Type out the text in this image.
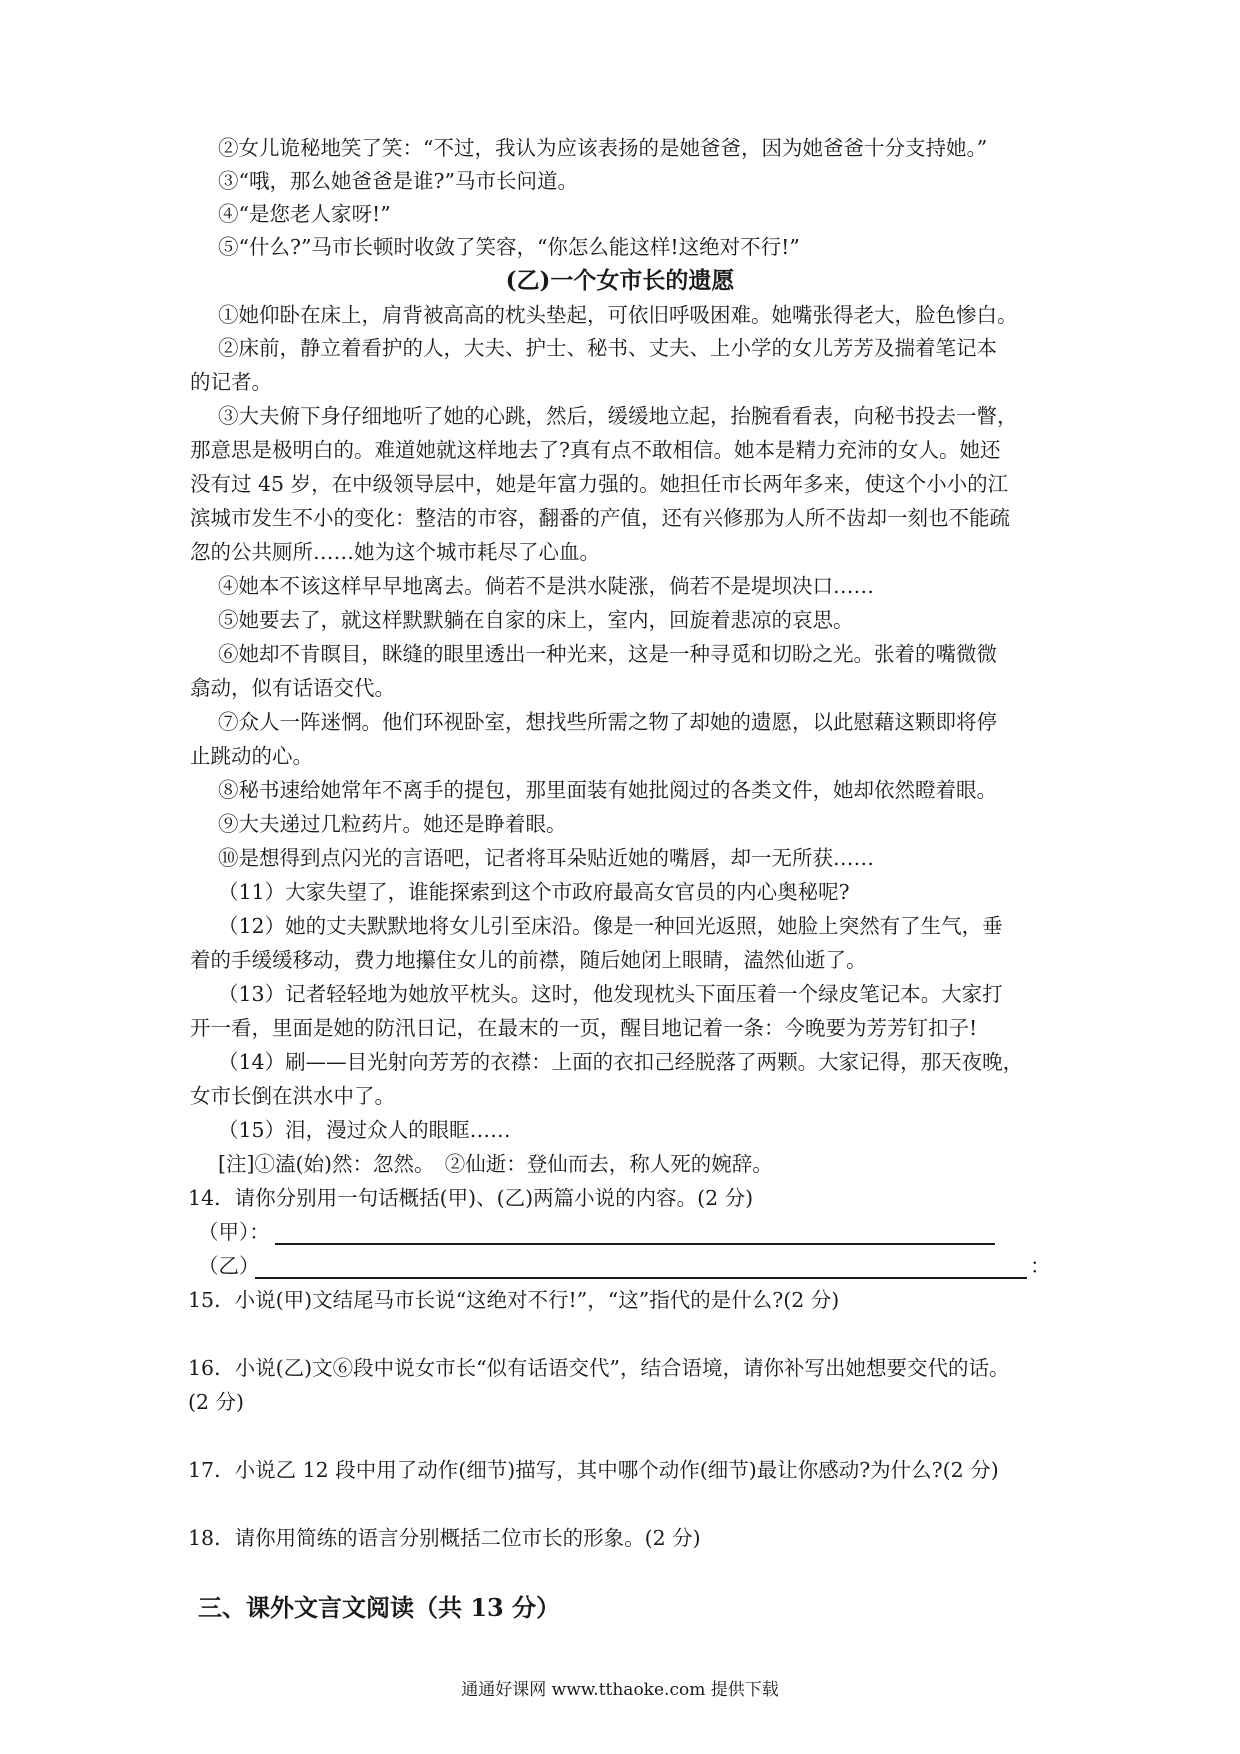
②女儿诡秘地笑了笑：“不过，我认为应该表扬的是她爸爸，因为她爸爸十分支持她。”
③“哦，那么她爸爸是谁?”马市长问道。
④“是您老人家呀!”
⑤“什么?”马市长顿时收敛了笑容，“你怎么能这样!这绝对不行!”
(乙)一个女市长的遗愿
①她仰卧在床上，肩背被高高的枕头垫起，可依旧呼吸困难。她嘴张得老大，脸色惨白。
②床前，静立着看护的人，大夫、护士、秘书、丈夫、上小学的女儿芳芳及揣着笔记本
的记者。
③大夫俯下身仔细地听了她的心跳，然后，缓缓地立起，抬腕看看表，向秘书投去一瞥，
那意思是极明白的。难道她就这样地去了?真有点不敢相信。她本是精力充沛的女人。她还
没有过 45 岁，在中级领导层中，她是年富力强的。她担任市长两年多来，使这个小小的江
滨城市发生不小的变化：整洁的市容，翻番的产值，还有兴修那为人所不齿却一刻也不能疏
忽的公共厕所……她为这个城市耗尽了心血。
④她本不该这样早早地离去。倘若不是洪水陡涨，倘若不是堤坝决口……
⑤她要去了，就这样默默躺在自家的床上，室内，回旋着悲凉的哀思。
⑥她却不肯瞑目，眯缝的眼里透出一种光来，这是一种寻觅和切盼之光。张着的嘴微微
翕动，似有话语交代。
⑦众人一阵迷惘。他们环视卧室，想找些所需之物了却她的遗愿，以此慰藉这颗即将停
止跳动的心。
⑧秘书速给她常年不离手的提包，那里面装有她批阅过的各类文件，她却依然瞪着眼。
⑨大夫递过几粒药片。她还是睁着眼。
⑩是想得到点闪光的言语吧，记者将耳朵贴近她的嘴唇，却一无所获……
（11）大家失望了，谁能探索到这个市政府最高女官员的内心奥秘呢?
（12）她的丈夫默默地将女儿引至床沿。像是一种回光返照，她脸上突然有了生气，垂
着的手缓缓移动，费力地攥住女儿的前襟，随后她闭上眼睛，溘然仙逝了。
（13）记者轻轻地为她放平枕头。这时，他发现枕头下面压着一个绿皮笔记本。大家打
开一看，里面是她的防汛日记，在最末的一页，醒目地记着一条：今晚要为芳芳钉扣子!
（14）刷——目光射向芳芳的衣襟：上面的衣扣己经脱落了两颗。大家记得，那天夜晚，
女市长倒在洪水中了。
（15）泪，漫过众人的眼眶……
[注]①溘(始)然：忽然。　②仙逝：登仙而去，称人死的婉辞。
14．请你分别用一句话概括(甲)、(乙)两篇小说的内容。(2 分)
（甲）：
（乙）	：
15．小说(甲)文结尾马市长说“这绝对不行!”，“这”指代的是什么?(2 分)
16．小说(乙)文⑥段中说女市长“似有话语交代”，结合语境，请你补写出她想要交代的话。
(2 分)
17．小说乙 12 段中用了动作(细节)描写，其中哪个动作(细节)最让你感动?为什么?(2 分)
18．请你用简练的语言分别概括二位市长的形象。(2 分)
三、课外文言文阅读（共 13 分）
通通好课网 www.tthaoke.com 提供下载
